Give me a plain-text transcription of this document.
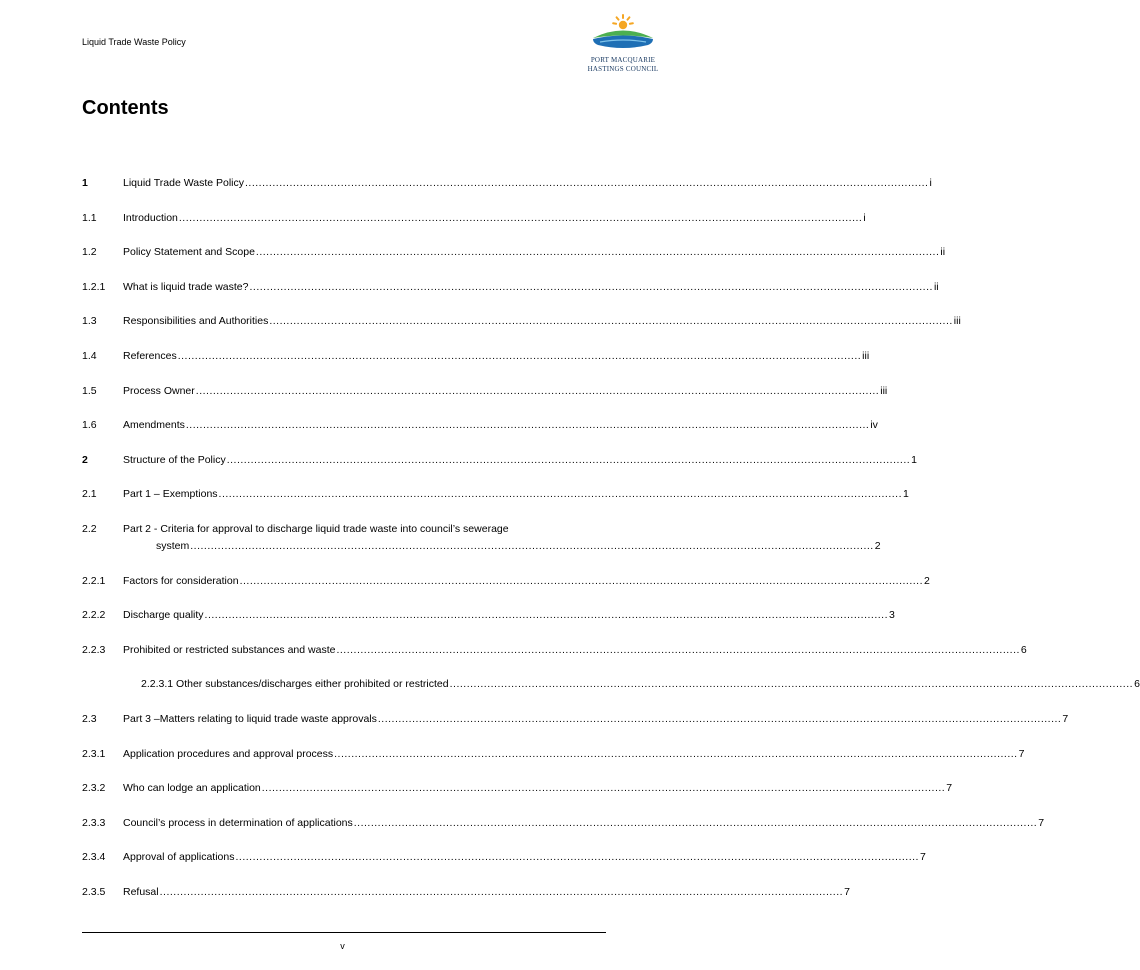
Liquid Trade Waste Policy
PORT MACQUARIE
HASTINGS COUNCIL
Contents
1	Liquid Trade Waste Policy .....	i
1.1	Introduction .....	i
1.2	Policy Statement and Scope .....	ii
1.2.1	What is liquid trade waste? .....	ii
1.3	Responsibilities and Authorities .....	iii
1.4	References .....	iii
1.5	Process Owner .....	iii
1.6	Amendments .....	iv
2	Structure of the Policy .....	1
2.1	Part 1 – Exemptions .....	1
2.2	Part 2 - Criteria for approval to discharge liquid trade waste into council’s sewerage
system .....	2
2.2.1	Factors for consideration .....	2
2.2.2	Discharge quality .....	3
2.2.3	Prohibited or restricted substances and waste .....	6
2.2.3.1 Other substances/discharges either prohibited or restricted .....	6
2.3	Part 3 –Matters relating to liquid trade waste approvals .....	7
2.3.1	Application procedures and approval process .....	7
2.3.2	Who can lodge an application .....	7
2.3.3	Council’s process in determination of applications .....	7
2.3.4	Approval of applications .....	7
2.3.5	Refusal .....	7
v
